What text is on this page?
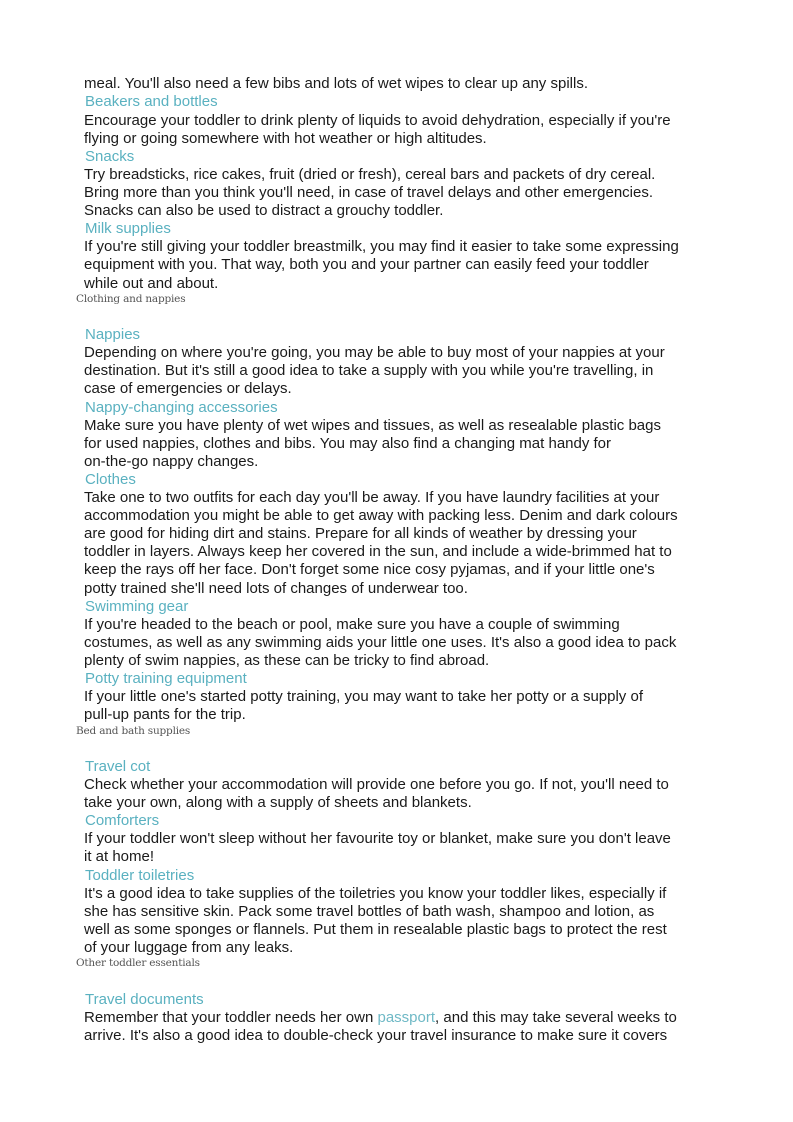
meal. You'll also need a few bibs and lots of wet wipes to clear up any spills.

Beakers and bottles

Encourage your toddler to drink plenty of liquids to avoid dehydration, especially if you're

flying or going somewhere with hot weather or high altitudes.

Snacks

Try breadsticks, rice cakes, fruit (dried or fresh), cereal bars and packets of dry cereal.

Bring more than you think you'll need, in case of travel delays and other emergencies.

Snacks can also be used to distract a grouchy toddler.

Milk supplies

If you're still giving your toddler breastmilk, you may find it easier to take some expressing

equipment with you. That way, both you and your partner can easily feed your toddler

while out and about.

Clothing and nappies

Nappies

Depending on where you're going, you may be able to buy most of your nappies at your

destination. But it's still a good idea to take a supply with you while you're travelling, in

case of emergencies or delays.

Nappy-changing accessories

Make sure you have plenty of wet wipes and tissues, as well as resealable plastic bags

for used nappies, clothes and bibs. You may also find a changing mat handy for

on-the-go nappy changes.

Clothes

Take one to two outfits for each day you'll be away. If you have laundry facilities at your

accommodation you might be able to get away with packing less. Denim and dark colours

are good for hiding dirt and stains. Prepare for all kinds of weather by dressing your

toddler in layers. Always keep her covered in the sun, and include a wide-brimmed hat to

keep the rays off her face. Don't forget some nice cosy pyjamas, and if your little one's

potty trained she'll need lots of changes of underwear too.

Swimming gear

If you're headed to the beach or pool, make sure you have a couple of swimming

costumes, as well as any swimming aids your little one uses. It's also a good idea to pack

plenty of swim nappies, as these can be tricky to find abroad.

Potty training equipment

If your little one's started potty training, you may want to take her potty or a supply of

pull-up pants for the trip.

Bed and bath supplies

Travel cot

Check whether your accommodation will provide one before you go. If not, you'll need to

take your own, along with a supply of sheets and blankets.

Comforters

If your toddler won't sleep without her favourite toy or blanket, make sure you don't leave

it at home!

Toddler toiletries

It's a good idea to take supplies of the toiletries you know your toddler likes, especially if

she has sensitive skin. Pack some travel bottles of bath wash, shampoo and lotion, as

well as some sponges or flannels. Put them in resealable plastic bags to protect the rest

of your luggage from any leaks.

Other toddler essentials

Travel documents

Remember that your toddler needs her own passport, and this may take several weeks to

arrive. It's also a good idea to double-check your travel insurance to make sure it covers
